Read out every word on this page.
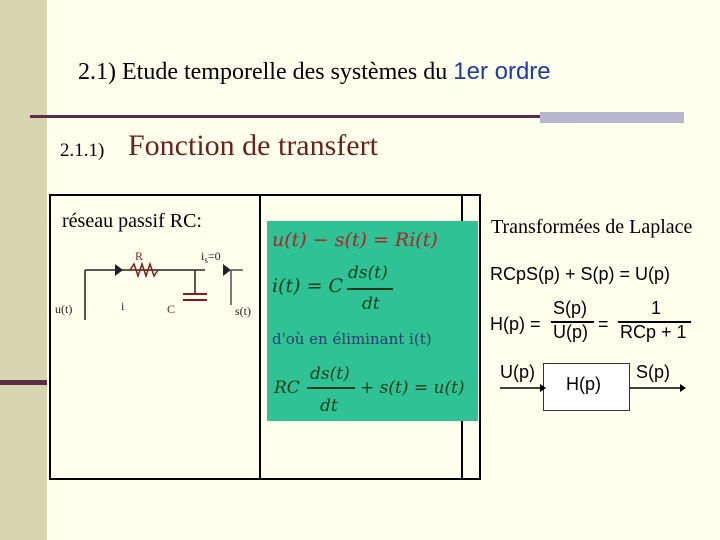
2.1) Etude temporelle des systèmes du 1er ordre
2.1.1) Fonction de transfert
réseau passif RC:
R	$i_s=0$
u(t)	i	C	s(t)
u(t) − s(t) = Ri(t)
i(t) = C
ds(t)
dt
d'où en éliminant i(t)
RC
ds(t)
dt
+ s(t) = u(t)
Transformées de Laplace
RCpS(p) + S(p) = U(p)
H(p) =
S(p)
U(p) =
1
RCp + 1
H(p)
U(p)	S(p)
